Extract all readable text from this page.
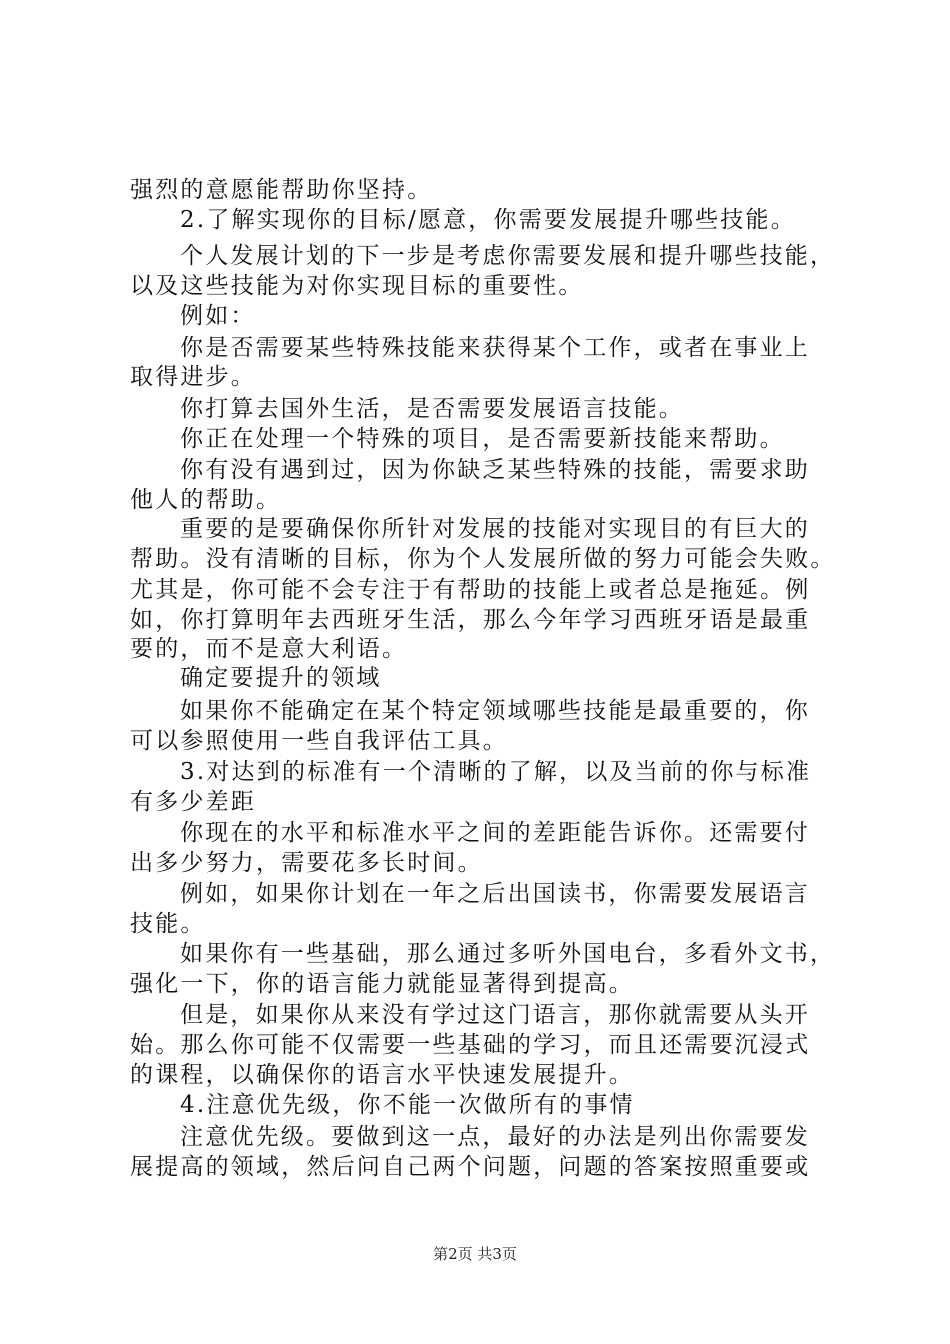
强烈的意愿能帮助你坚持。
2.了解实现你的目标/愿意，你需要发展提升哪些技能。
个人发展计划的下一步是考虑你需要发展和提升哪些技能，
以及这些技能为对你实现目标的重要性。
例如：
你是否需要某些特殊技能来获得某个工作，或者在事业上
取得进步。
你打算去国外生活，是否需要发展语言技能。
你正在处理一个特殊的项目，是否需要新技能来帮助。
你有没有遇到过，因为你缺乏某些特殊的技能，需要求助
他人的帮助。
重要的是要确保你所针对发展的技能对实现目的有巨大的
帮助。没有清晰的目标，你为个人发展所做的努力可能会失败。
尤其是，你可能不会专注于有帮助的技能上或者总是拖延。例
如，你打算明年去西班牙生活，那么今年学习西班牙语是最重
要的，而不是意大利语。
确定要提升的领域
如果你不能确定在某个特定领域哪些技能是最重要的，你
可以参照使用一些自我评估工具。
3.对达到的标准有一个清晰的了解，以及当前的你与标准
有多少差距
你现在的水平和标准水平之间的差距能告诉你。还需要付
出多少努力，需要花多长时间。
例如，如果你计划在一年之后出国读书，你需要发展语言
技能。
如果你有一些基础，那么通过多听外国电台，多看外文书，
强化一下，你的语言能力就能显著得到提高。
但是，如果你从来没有学过这门语言，那你就需要从头开
始。那么你可能不仅需要一些基础的学习，而且还需要沉浸式
的课程，以确保你的语言水平快速发展提升。
4.注意优先级，你不能一次做所有的事情
注意优先级。要做到这一点，最好的办法是列出你需要发
展提高的领域，然后问自己两个问题，问题的答案按照重要或
第2页 共3页
